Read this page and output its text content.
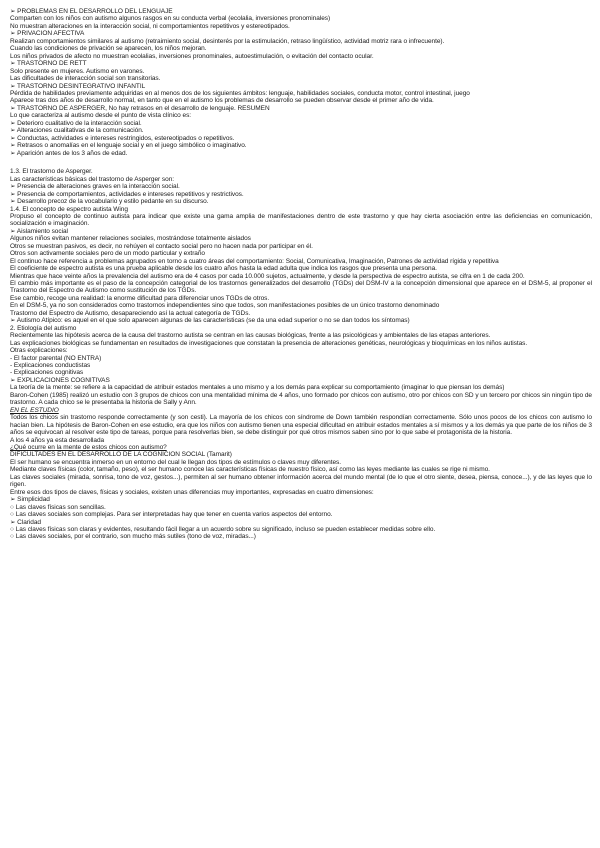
➢ PROBLEMAS EN EL DESARROLLO DEL LENGUAJE
Comparten con los niños con autismo algunos rasgos en su conducta verbal (ecolalia, inversiones pronominales)
No muestran alteraciones en la interacción social, ni comportamientos repetitivos y estereotipados.
➢ PRIVACIÓN AFECTIVA
Realizan comportamientos similares al autismo (retraimiento social, desinterés por la estimulación, retraso lingüístico, actividad motriz rara o infrecuente).
Cuando las condiciones de privación se aparecen, los niños mejoran.
Los niños privados de afecto no muestran ecolalias, inversiones pronominales, autoestimulación, o evitación del contacto ocular.
➢ TRASTORNO DE RETT
Solo presente en mujeres. Autismo en varones.
Las dificultades de interacción social son transitorias.
➢ TRASTORNO DESINTEGRATIVO INFANTIL
Pérdida de habilidades previamente adquiridas en al menos dos de los siguientes ámbitos: lenguaje, habilidades sociales, conducta motor, control intestinal, juego
Aparece tras dos años de desarrollo normal, en tanto que en el autismo los problemas de desarrollo se pueden observar desde el primer año de vida.
➢ TRASTORNO DE ASPERGER, No hay retrasos en el desarrollo de lenguaje. RESUMEN
Lo que caracteriza al autismo desde el punto de vista clínico es:
➢ Deterioro cualitativo de la interacción social.
➢ Alteraciones cualitativas de la comunicación.
➢ Conductas, actividades e intereses restringidos, estereotipados o repetitivos.
➢ Retrasos o anomalías en el lenguaje social y en el juego simbólico o imaginativo.
➢ Aparición antes de los 3 años de edad.
1.3. El trastorno de Asperger.
Las características básicas del trastorno de Asperger son:
➢ Presencia de alteraciones graves en la interacción social.
➢ Presencia de comportamientos, actividades e intereses repetitivos y restrictivos.
➢ Desarrollo precoz de la vocabulario y estilo pedante en su discurso.
1.4. El concepto de espectro autista Wing
Propuso el concepto de continuo autista para indicar que existe una gama amplia de manifestaciones dentro de este trastorno y que hay cierta asociación entre las deficiencias en comunicación, socialización e imaginación.
➢ Aislamiento social
Algunos niños evitan mantener relaciones sociales, mostrándose totalmente aislados
Otros se muestran pasivos, es decir, no rehúyen el contacto social pero no hacen nada por participar en él.
Otros son activamente sociales pero de un modo particular y extraño
El continuo hace referencia a problemas agrupados en torno a cuatro áreas del comportamiento: Social, Comunicativa, Imaginación, Patrones de actividad rígida y repetitiva
El coeficiente de espectro autista es una prueba aplicable desde los cuatro años hasta la edad adulta que indica los rasgos que presenta una persona.
Mientras que hace veinte años la prevalencia del autismo era de 4 casos por cada 10.000 sujetos, actualmente, y desde la perspectiva de espectro autista, se cifra en 1 de cada 200.
El cambio más importante es el paso de la concepción categorial de los trastornos generalizados del desarrollo (TGDs) del DSM-IV a la concepción dimensional que aparece en el DSM-5, al proponer el Trastorno del Espectro de Autismo como sustitución de los TGDs.
Ese cambio, recoge una realidad: la enorme dificultad para diferenciar unos TGDs de otros.
En el DSM-5, ya no son considerados como trastornos independientes sino que todos, son manifestaciones posibles de un único trastorno denominado
Trastorno del Espectro de Autismo, desapareciendo así la actual categoría de TGDs.
➢ Autismo Atípico: es aquel en el que solo aparecen algunas de las características (se da una edad superior o no se dan todos los síntomas)
2. Etiología del autismo
Recientemente las hipótesis acerca de la causa del trastorno autista se centran en las causas biológicas, frente a las psicológicas y ambientales de las etapas anteriores.
Las explicaciones biológicas se fundamentan en resultados de investigaciones que constatan la presencia de alteraciones genéticas, neurológicas y bioquímicas en los niños autistas.
Otras explicaciones:
- El factor parental (NO ENTRA)
- Explicaciones conductistas
- Explicaciones cognitivas
➢ EXPLICACIONES COGNITIVAS
La teoría de la mente: se refiere a la capacidad de atribuir estados mentales a uno mismo y a los demás para explicar su comportamiento (imaginar lo que piensan los demás)
Baron-Cohen (1985) realizó un estudio con 3 grupos de chicos con una mentalidad mínima de 4 años, uno formado por chicos con autismo, otro por chicos con SD y un tercero por chicos sin ningún tipo de trastorno. A cada chico se le presentaba la historia de Sally y Ann.
EN EL ESTUDIO
Todos los chicos sin trastorno responde correctamente (y son cesti). La mayoría de los chicos con síndrome de Down también respondían correctamente. Sólo unos pocos de los chicos con autismo lo hacían bien. La hipótesis de Baron-Cohen en ese estudio, era que los niños con autismo tienen una especial dificultad en atribuir estados mentales a sí mismos y a los demás ya que parte de los niños de 3 años se equivocan al resolver este tipo de tareas, porque para resolverlas bien, se debe distinguir por qué otros mismos saben sino por lo que sabe el protagonista de la historia.
A los 4 años ya esta desarrollada
¿Qué ocurre en la mente de estos chicos con autismo?
DIFICULTADES EN EL DESARROLLO DE LA COGNICIÓN SOCIAL (Tamarit)
El ser humano se encuentra inmerso en un entorno del cual le llegan dos tipos de estímulos o claves muy diferentes.
Mediante claves físicas (color, tamaño, peso), el ser humano conoce las características físicas de nuestro físico, así como las leyes mediante las cuales se rige ni mismo.
Las claves sociales (mirada, sonrisa, tono de voz, gestos...), permiten al ser humano obtener información acerca del mundo mental (de lo que el otro siente, desea, piensa, conoce...), y de las leyes que lo rigen.
Entre esos dos tipos de claves, físicas y sociales, existen unas diferencias muy importantes, expresadas en cuatro dimensiones:
➢ Simplicidad
○ Las claves físicas son sencillas.
○ Las claves sociales son complejas. Para ser interpretadas hay que tener en cuenta varios aspectos del entorno.
➢ Claridad
○ Las claves físicas son claras y evidentes, resultando fácil llegar a un acuerdo sobre su significado, incluso se pueden establecer medidas sobre ello.
○ Las claves sociales, por el contrario, son mucho más sutiles (tono de voz, miradas...)
